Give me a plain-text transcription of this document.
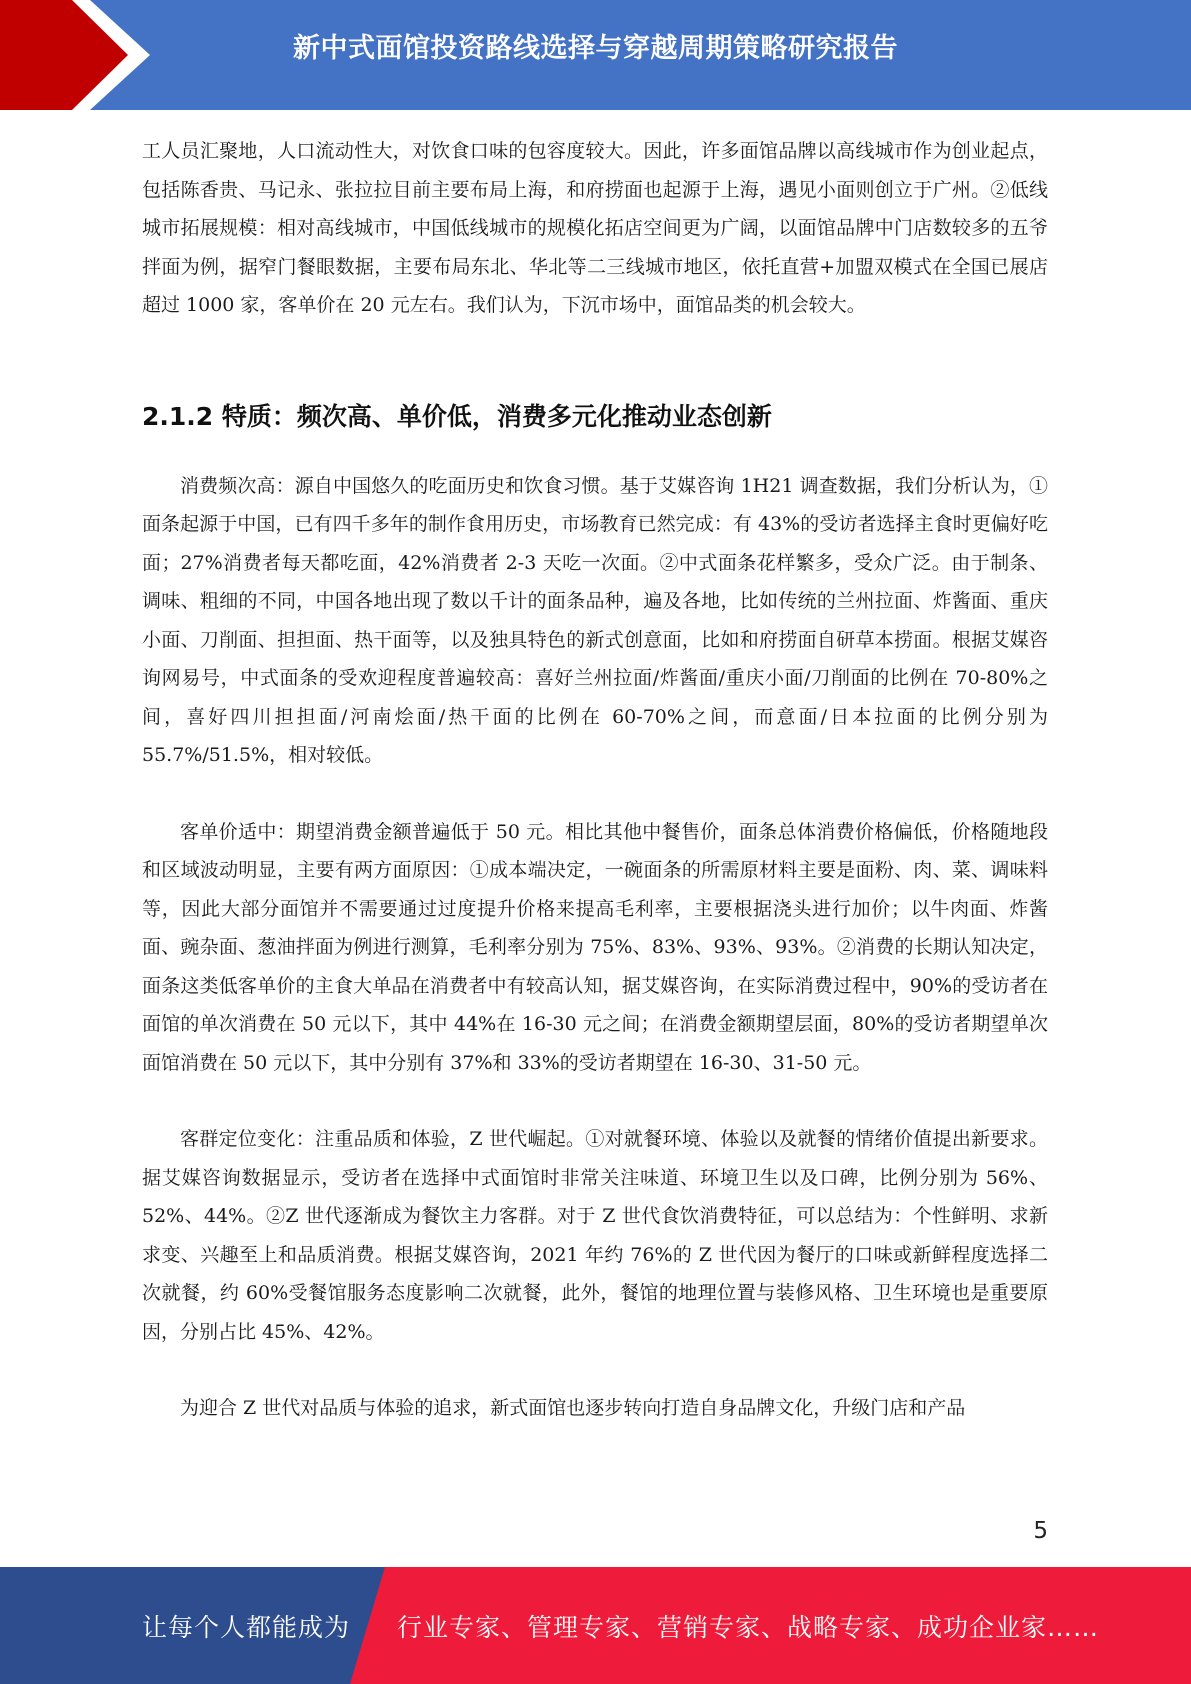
新中式面馆投资路线选择与穿越周期策略研究报告

工人员汇聚地，人口流动性大，对饮食口味的包容度较大。因此，许多面馆品牌以高线城市作为创业起点，包括陈香贵、马记永、张拉拉目前主要布局上海，和府捞面也起源于上海，遇见小面则创立于广州。②低线城市拓展规模：相对高线城市，中国低线城市的规模化拓店空间更为广阔，以面馆品牌中门店数较多的五爷拌面为例，据窄门餐眼数据，主要布局东北、华北等二三线城市地区，依托直营+加盟双模式在全国已展店超过 1000 家，客单价在 20 元左右。我们认为，下沉市场中，面馆品类的机会较大。

2.1.2 特质：频次高、单价低，消费多元化推动业态创新

消费频次高：源自中国悠久的吃面历史和饮食习惯。基于艾媒咨询 1H21 调查数据，我们分析认为，①面条起源于中国，已有四千多年的制作食用历史，市场教育已然完成：有 43%的受访者选择主食时更偏好吃面；27%消费者每天都吃面，42%消费者 2-3 天吃一次面。②中式面条花样繁多，受众广泛。由于制条、调味、粗细的不同，中国各地出现了数以千计的面条品种，遍及各地，比如传统的兰州拉面、炸酱面、重庆小面、刀削面、担担面、热干面等，以及独具特色的新式创意面，比如和府捞面自研草本捞面。根据艾媒咨询网易号，中式面条的受欢迎程度普遍较高：喜好兰州拉面/炸酱面/重庆小面/刀削面的比例在 70-80%之间，喜好四川担担面/河南烩面/热干面的比例在 60-70%之间，而意面/日本拉面的比例分别为 55.7%/51.5%，相对较低。

客单价适中：期望消费金额普遍低于 50 元。相比其他中餐售价，面条总体消费价格偏低，价格随地段和区域波动明显，主要有两方面原因：①成本端决定，一碗面条的所需原材料主要是面粉、肉、菜、调味料等，因此大部分面馆并不需要通过过度提升价格来提高毛利率，主要根据浇头进行加价；以牛肉面、炸酱面、豌杂面、葱油拌面为例进行测算，毛利率分别为 75%、83%、93%、93%。②消费的长期认知决定，面条这类低客单价的主食大单品在消费者中有较高认知，据艾媒咨询，在实际消费过程中，90%的受访者在面馆的单次消费在 50 元以下，其中 44%在 16-30 元之间；在消费金额期望层面，80%的受访者期望单次面馆消费在 50 元以下，其中分别有 37%和 33%的受访者期望在 16-30、31-50 元。

客群定位变化：注重品质和体验，Z 世代崛起。①对就餐环境、体验以及就餐的情绪价值提出新要求。据艾媒咨询数据显示，受访者在选择中式面馆时非常关注味道、环境卫生以及口碑，比例分别为 56%、52%、44%。②Z 世代逐渐成为餐饮主力客群。对于 Z 世代食饮消费特征，可以总结为：个性鲜明、求新求变、兴趣至上和品质消费。根据艾媒咨询，2021 年约 76%的 Z 世代因为餐厅的口味或新鲜程度选择二次就餐，约 60%受餐馆服务态度影响二次就餐，此外，餐馆的地理位置与装修风格、卫生环境也是重要原因，分别占比 45%、42%。

为迎合 Z 世代对品质与体验的追求，新式面馆也逐步转向打造自身品牌文化，升级门店和产品

5
让每个人都能成为 行业专家、管理专家、营销专家、战略专家、成功企业家……
